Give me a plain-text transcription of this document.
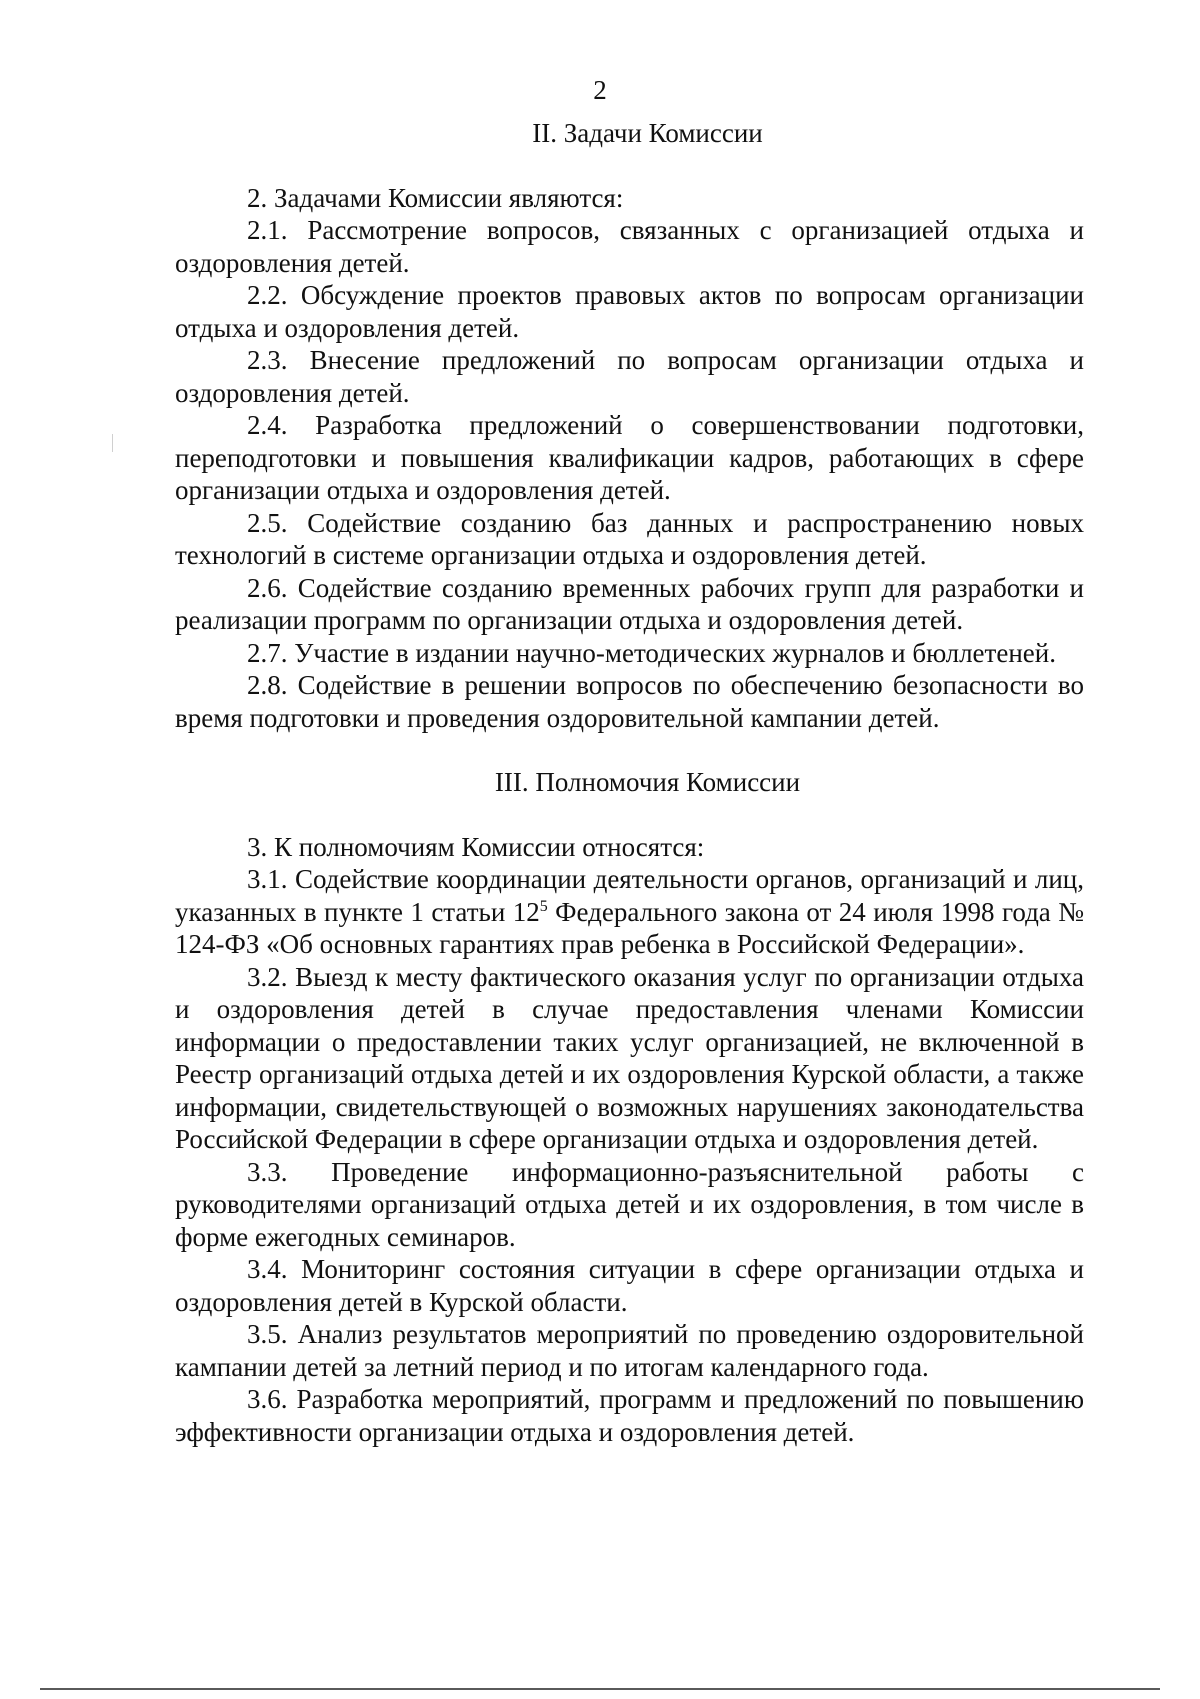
2
II. Задачи Комиссии

2. Задачами Комиссии являются:

2.1. Рассмотрение вопросов, связанных с организацией отдыха и оздоровления детей.

2.2. Обсуждение проектов правовых актов по вопросам организации отдыха и оздоровления детей.

2.3. Внесение предложений по вопросам организации отдыха и оздоровления детей.

2.4. Разработка предложений о совершенствовании подготовки, переподготовки и повышения квалификации кадров, работающих в сфере организации отдыха и оздоровления детей.

2.5. Содействие созданию баз данных и распространению новых технологий в системе организации отдыха и оздоровления детей.

2.6. Содействие созданию временных рабочих групп для разработки и реализации программ по организации отдыха и оздоровления детей.

2.7. Участие в издании научно-методических журналов и бюллетеней.

2.8. Содействие в решении вопросов по обеспечению безопасности во время подготовки и проведения оздоровительной кампании детей.

III. Полномочия Комиссии

3. К полномочиям Комиссии относятся:

3.1. Содействие координации деятельности органов, организаций и лиц, указанных в пункте 1 статьи $12^5$ Федерального закона от 24 июля 1998 года № 124-ФЗ «Об основных гарантиях прав ребенка в Российской Федерации».

3.2. Выезд к месту фактического оказания услуг по организации отдыха и оздоровления детей в случае предоставления членами Комиссии информации о предоставлении таких услуг организацией, не включенной в Реестр организаций отдыха детей и их оздоровления Курской области, а также информации, свидетельствующей о возможных нарушениях законодательства Российской Федерации в сфере организации отдыха и оздоровления детей.

3.3. Проведение информационно-разъяснительной работы с руководителями организаций отдыха детей и их оздоровления, в том числе в форме ежегодных семинаров.

3.4. Мониторинг состояния ситуации в сфере организации отдыха и оздоровления детей в Курской области.

3.5. Анализ результатов мероприятий по проведению оздоровительной кампании детей за летний период и по итогам календарного года.

3.6. Разработка мероприятий, программ и предложений по повышению эффективности организации отдыха и оздоровления детей.
